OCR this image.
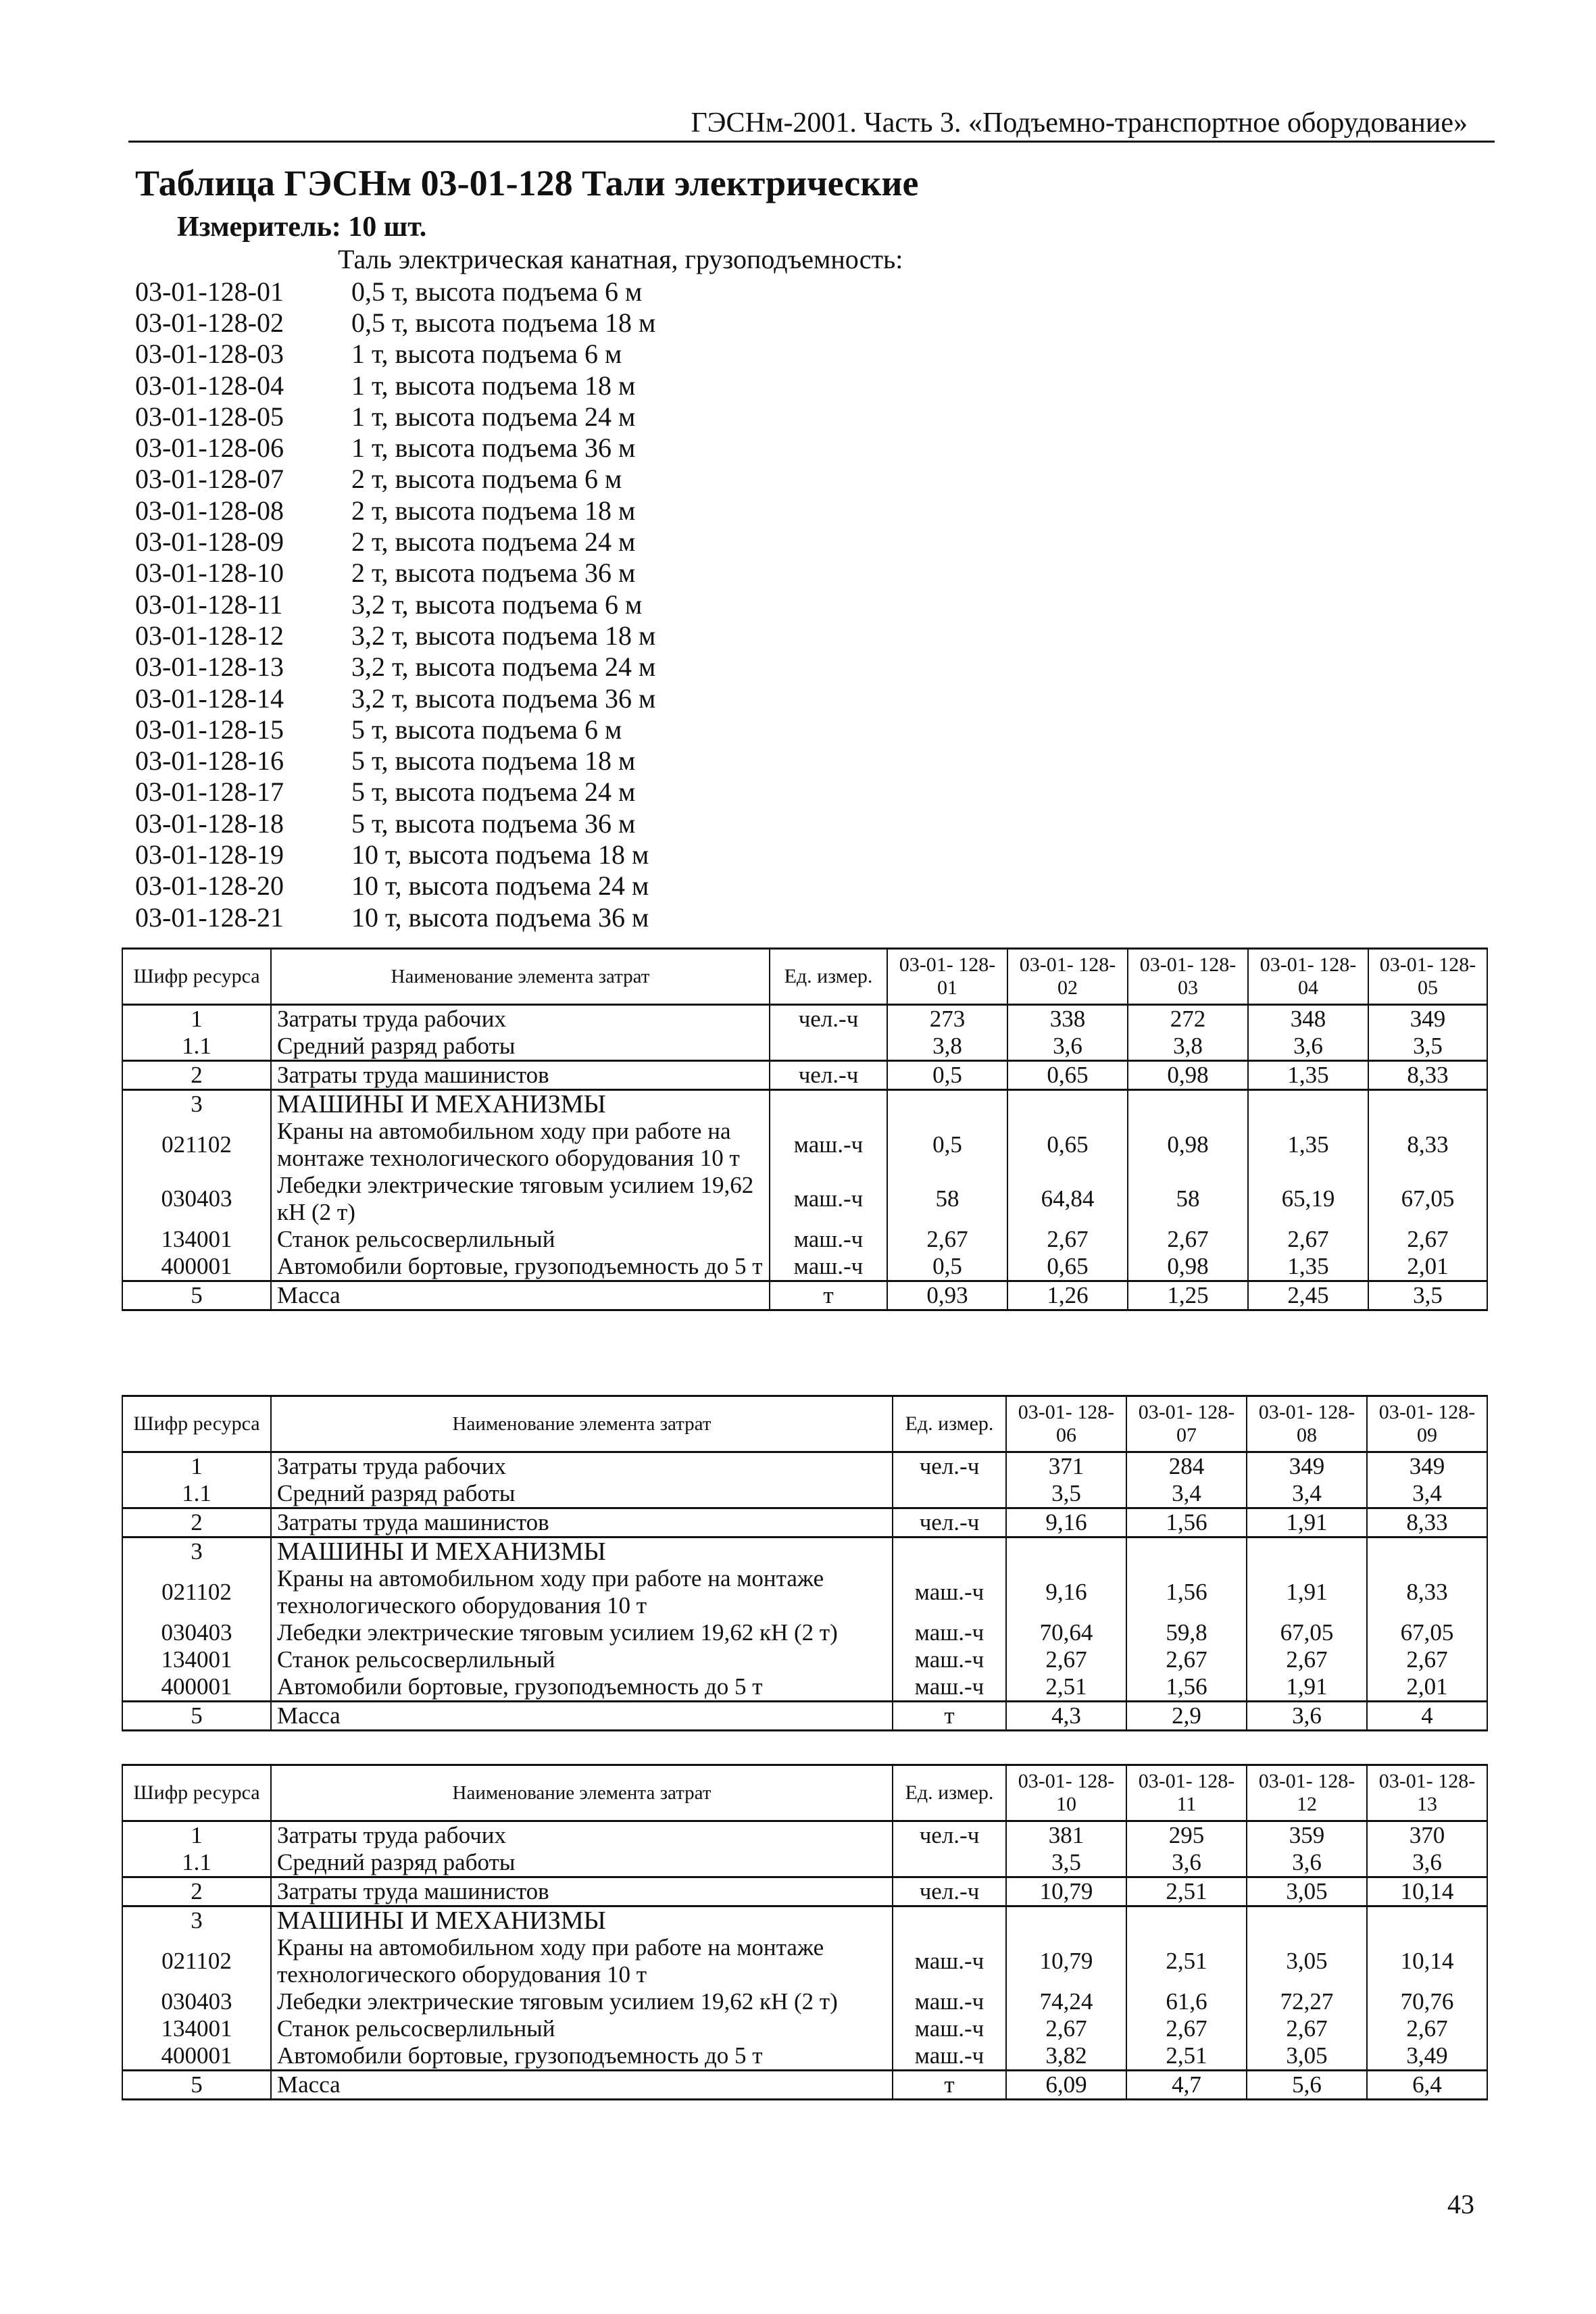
ГЭСНм-2001. Часть 3. «Подъемно-транспортное оборудование»
Таблица ГЭСНм 03-01-128 Тали электрические
Измеритель: 10 шт.
Таль электрическая канатная, грузоподъемность:
03-01-128-01	0,5 т, высота подъема 6 м
03-01-128-02	0,5 т, высота подъема 18 м
03-01-128-03	1 т, высота подъема 6 м
03-01-128-04	1 т, высота подъема 18 м
03-01-128-05	1 т, высота подъема 24 м
03-01-128-06	1 т, высота подъема 36 м
03-01-128-07	2 т, высота подъема 6 м
03-01-128-08	2 т, высота подъема 18 м
03-01-128-09	2 т, высота подъема 24 м
03-01-128-10	2 т, высота подъема 36 м
03-01-128-11	3,2 т, высота подъема 6 м
03-01-128-12	3,2 т, высота подъема 18 м
03-01-128-13	3,2 т, высота подъема 24 м
03-01-128-14	3,2 т, высота подъема 36 м
03-01-128-15	5 т, высота подъема 6 м
03-01-128-16	5 т, высота подъема 18 м
03-01-128-17	5 т, высота подъема 24 м
03-01-128-18	5 т, высота подъема 36 м
03-01-128-19	10 т, высота подъема 18 м
03-01-128-20	10 т, высота подъема 24 м
03-01-128-21	10 т, высота подъема 36 м
Шифр ресурса	Наименование элемента затрат	Ед. измер.	03-01- 128-01	03-01- 128-02	03-01- 128-03	03-01- 128-04	03-01- 128-05
1	Затраты труда рабочих	чел.-ч	273	338	272	348	349
1.1	Средний разряд работы		3,8	3,6	3,8	3,6	3,5
2	Затраты труда машинистов	чел.-ч	0,5	0,65	0,98	1,35	8,33
3	МАШИНЫ И МЕХАНИЗМЫ						
021102	Краны на автомобильном ходу при работе на монтаже технологического оборудования 10 т	маш.-ч	0,5	0,65	0,98	1,35	8,33
030403	Лебедки электрические тяговым усилием 19,62 кН (2 т)	маш.-ч	58	64,84	58	65,19	67,05
134001	Станок рельсосверлильный	маш.-ч	2,67	2,67	2,67	2,67	2,67
400001	Автомобили бортовые, грузоподъемность до 5 т	маш.-ч	0,5	0,65	0,98	1,35	2,01
5	Масса	т	0,93	1,26	1,25	2,45	3,5
Шифр ресурса	Наименование элемента затрат	Ед. измер.	03-01- 128-06	03-01- 128-07	03-01- 128-08	03-01- 128-09
1	Затраты труда рабочих	чел.-ч	371	284	349	349
1.1	Средний разряд работы		3,5	3,4	3,4	3,4
2	Затраты труда машинистов	чел.-ч	9,16	1,56	1,91	8,33
3	МАШИНЫ И МЕХАНИЗМЫ					
021102	Краны на автомобильном ходу при работе на монтаже технологического оборудования 10 т	маш.-ч	9,16	1,56	1,91	8,33
030403	Лебедки электрические тяговым усилием 19,62 кН (2 т)	маш.-ч	70,64	59,8	67,05	67,05
134001	Станок рельсосверлильный	маш.-ч	2,67	2,67	2,67	2,67
400001	Автомобили бортовые, грузоподъемность до 5 т	маш.-ч	2,51	1,56	1,91	2,01
5	Масса	т	4,3	2,9	3,6	4
Шифр ресурса	Наименование элемента затрат	Ед. измер.	03-01- 128-10	03-01- 128-11	03-01- 128-12	03-01- 128-13
1	Затраты труда рабочих	чел.-ч	381	295	359	370
1.1	Средний разряд работы		3,5	3,6	3,6	3,6
2	Затраты труда машинистов	чел.-ч	10,79	2,51	3,05	10,14
3	МАШИНЫ И МЕХАНИЗМЫ					
021102	Краны на автомобильном ходу при работе на монтаже технологического оборудования 10 т	маш.-ч	10,79	2,51	3,05	10,14
030403	Лебедки электрические тяговым усилием 19,62 кН (2 т)	маш.-ч	74,24	61,6	72,27	70,76
134001	Станок рельсосверлильный	маш.-ч	2,67	2,67	2,67	2,67
400001	Автомобили бортовые, грузоподъемность до 5 т	маш.-ч	3,82	2,51	3,05	3,49
5	Масса	т	6,09	4,7	5,6	6,4
43
